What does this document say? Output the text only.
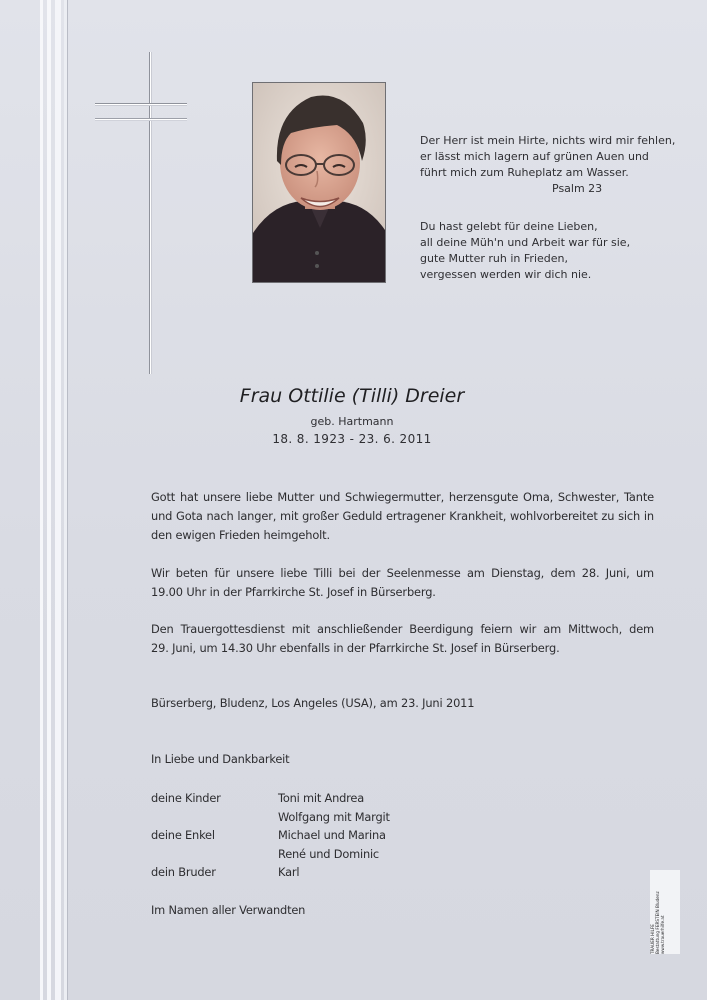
Der Herr ist mein Hirte, nichts wird mir fehlen,
er lässt mich lagern auf grünen Auen und
führt mich zum Ruheplatz am Wasser.
Psalm 23
Du hast gelebt für deine Lieben,
all deine Müh'n und Arbeit war für sie,
gute Mutter ruh in Frieden,
vergessen werden wir dich nie.
Frau Ottilie (Tilli) Dreier
geb. Hartmann
18. 8. 1923 - 23. 6. 2011
Gott hat unsere liebe Mutter und Schwiegermutter, herzensgute Oma, Schwester, Tante
und Gota nach langer, mit großer Geduld ertragener Krankheit, wohlvorbereitet zu sich in
den ewigen Frieden heimgeholt.
Wir beten für unsere liebe Tilli bei der Seelenmesse am Dienstag, dem 28. Juni, um
19.00 Uhr in der Pfarrkirche St. Josef in Bürserberg.
Den Trauergottesdienst mit anschließender Beerdigung feiern wir am Mittwoch, dem
29. Juni, um 14.30 Uhr ebenfalls in der Pfarrkirche St. Josef in Bürserberg.
Bürserberg, Bludenz, Los Angeles (USA), am 23. Juni 2011
In Liebe und Dankbarkeit
deine Kinder	Toni mit Andrea
Wolfgang mit Margit
deine Enkel	Michael und Marina
René und Dominic
dein Bruder	Karl
Im Namen aller Verwandten
TRAUER HILFE Bestattung FERSTEIN Bludenz www.trauerhilfe.at
